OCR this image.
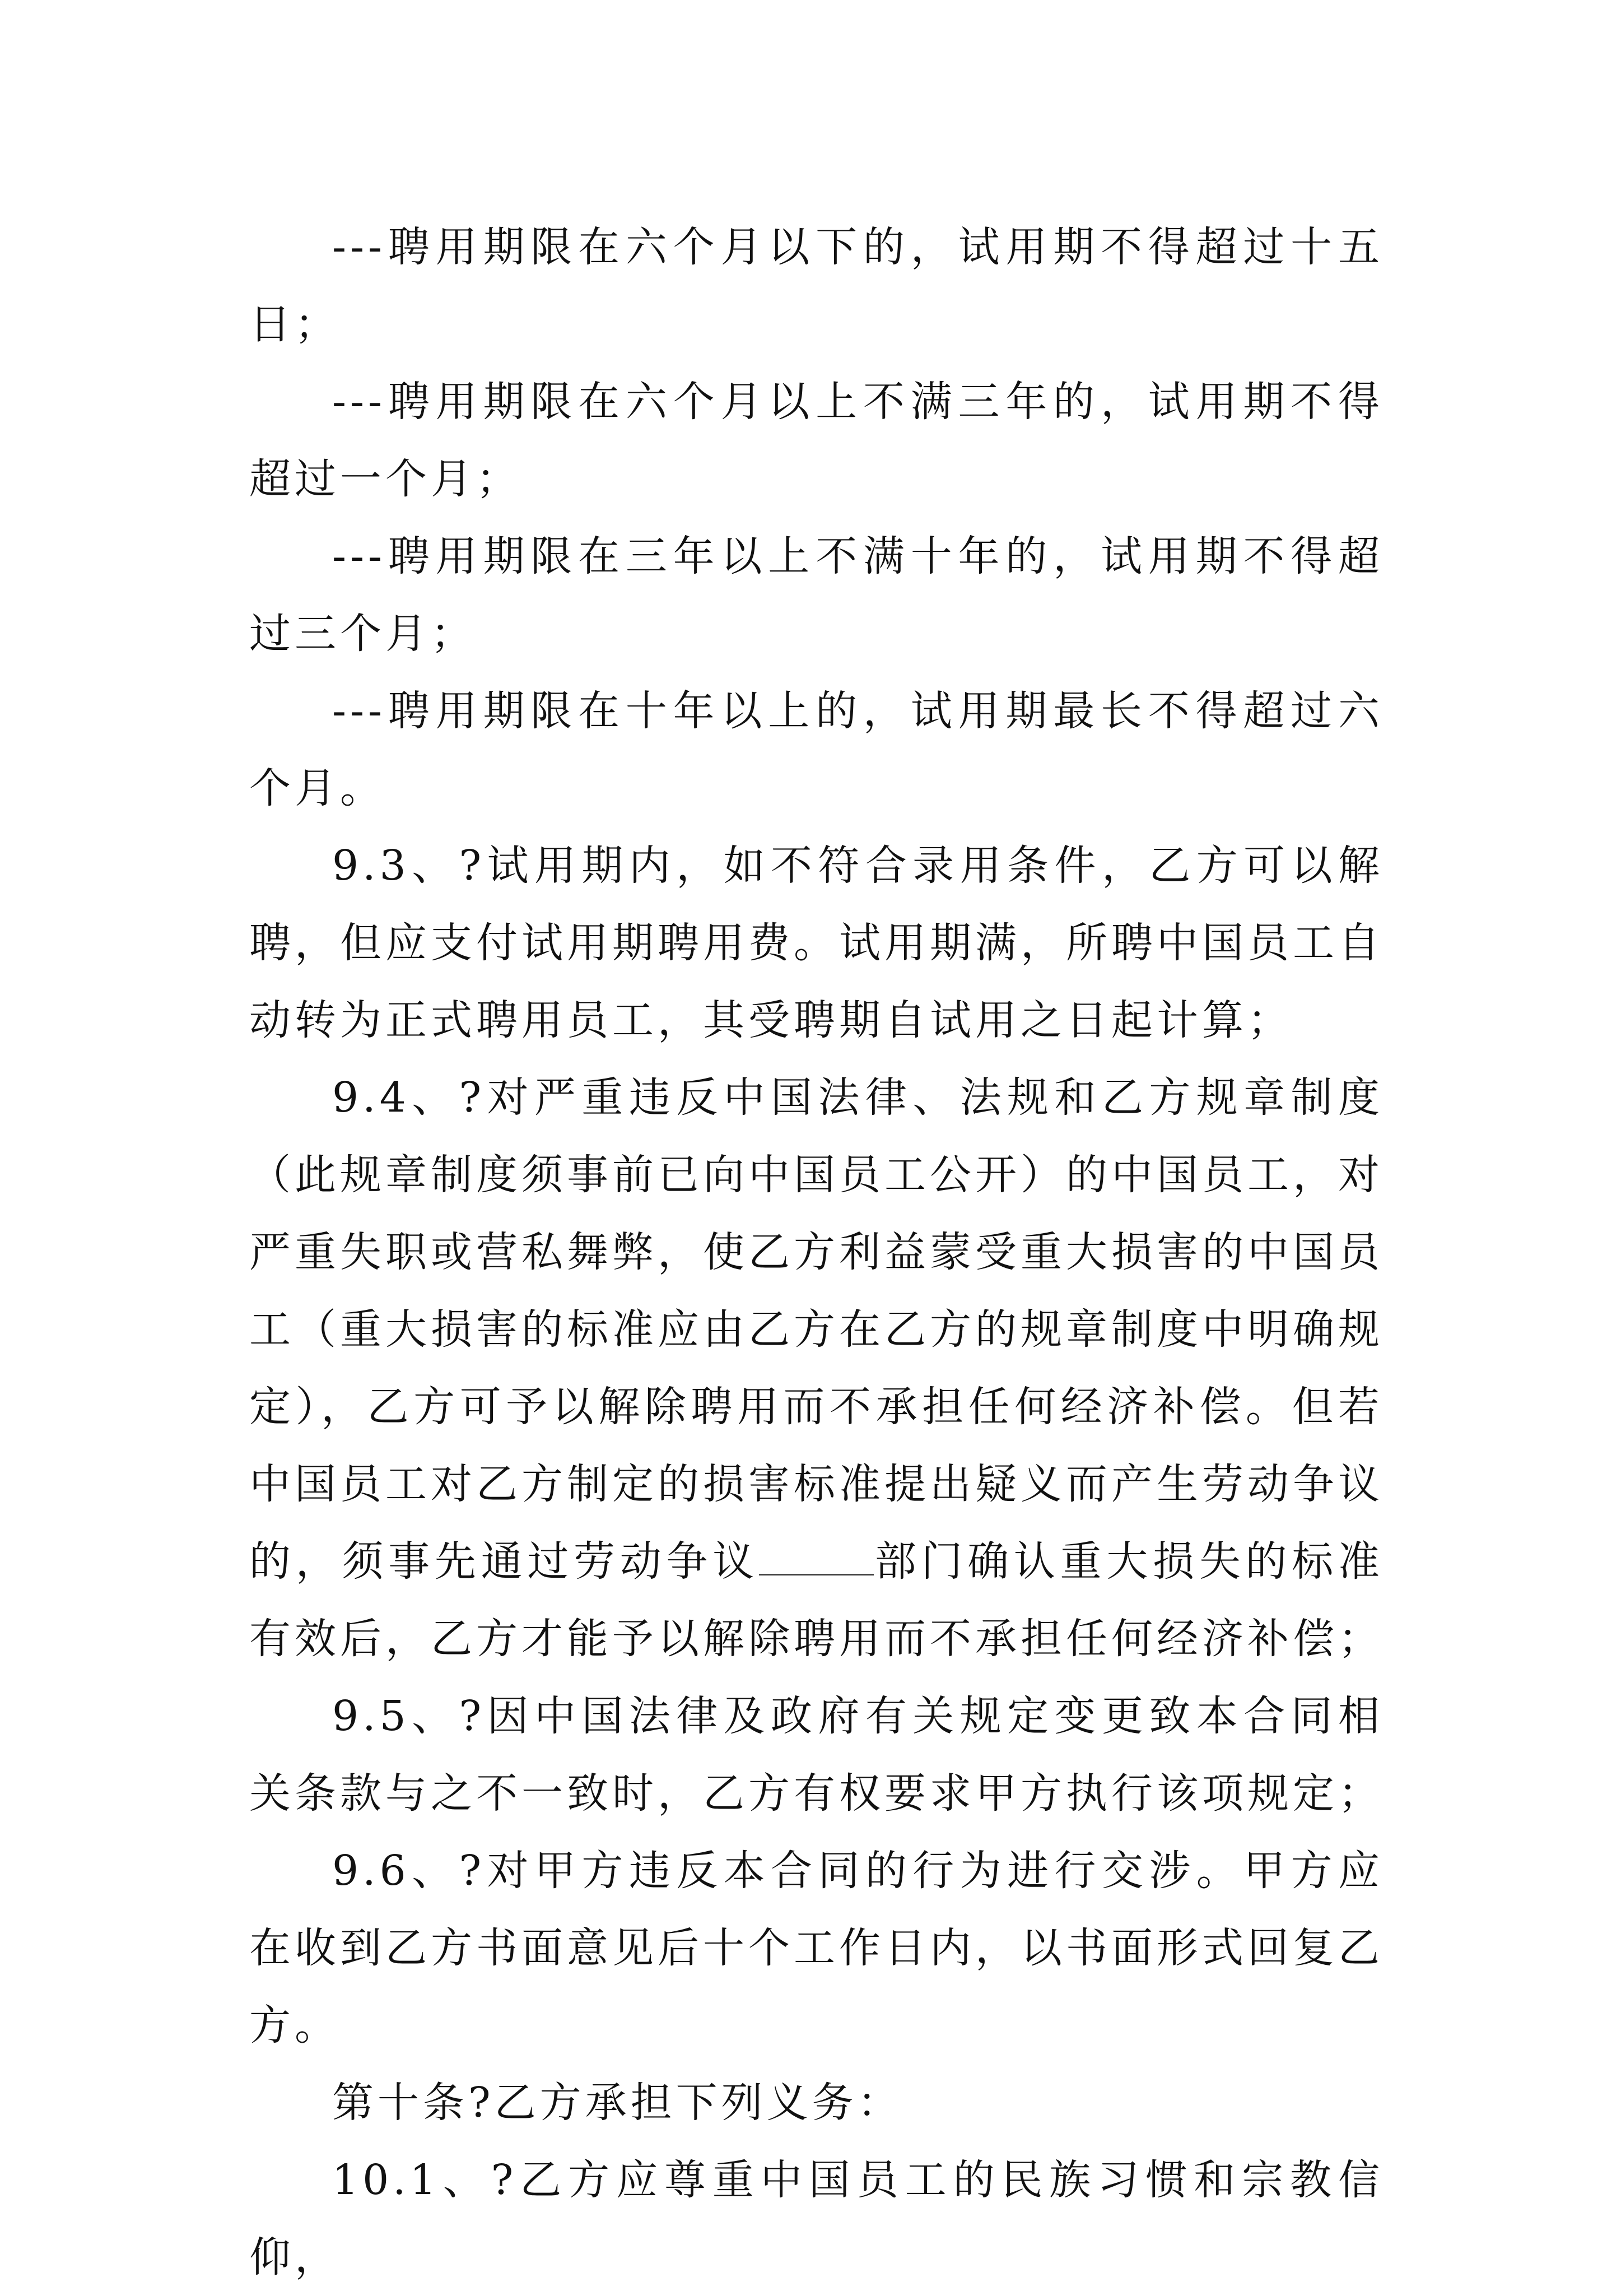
---聘用期限在六个月以下的，试用期不得超过十五日；

---聘用期限在六个月以上不满三年的，试用期不得超过一个月；

---聘用期限在三年以上不满十年的，试用期不得超过三个月；

---聘用期限在十年以上的，试用期最长不得超过六个月。

9.3、?试用期内，如不符合录用条件，乙方可以解聘，但应支付试用期聘用费。试用期满，所聘中国员工自动转为正式聘用员工，其受聘期自试用之日起计算；

9.4、?对严重违反中国法律、法规和乙方规章制度（此规章制度须事前已向中国员工公开）的中国员工，对严重失职或营私舞弊，使乙方利益蒙受重大损害的中国员工（重大损害的标准应由乙方在乙方的规章制度中明确规定），乙方可予以解除聘用而不承担任何经济补偿。但若中国员工对乙方制定的损害标准提出疑义而产生劳动争议的，须事先通过劳动争议	部门确认重大损失的标准有效后，乙方才能予以解除聘用而不承担任何经济补偿；

9.5、?因中国法律及政府有关规定变更致本合同相关条款与之不一致时，乙方有权要求甲方执行该项规定；

9.6、?对甲方违反本合同的行为进行交涉。甲方应在收到乙方书面意见后十个工作日内，以书面形式回复乙方。

第十条?乙方承担下列义务：

10.1、?乙方应尊重中国员工的民族习惯和宗教信仰，
